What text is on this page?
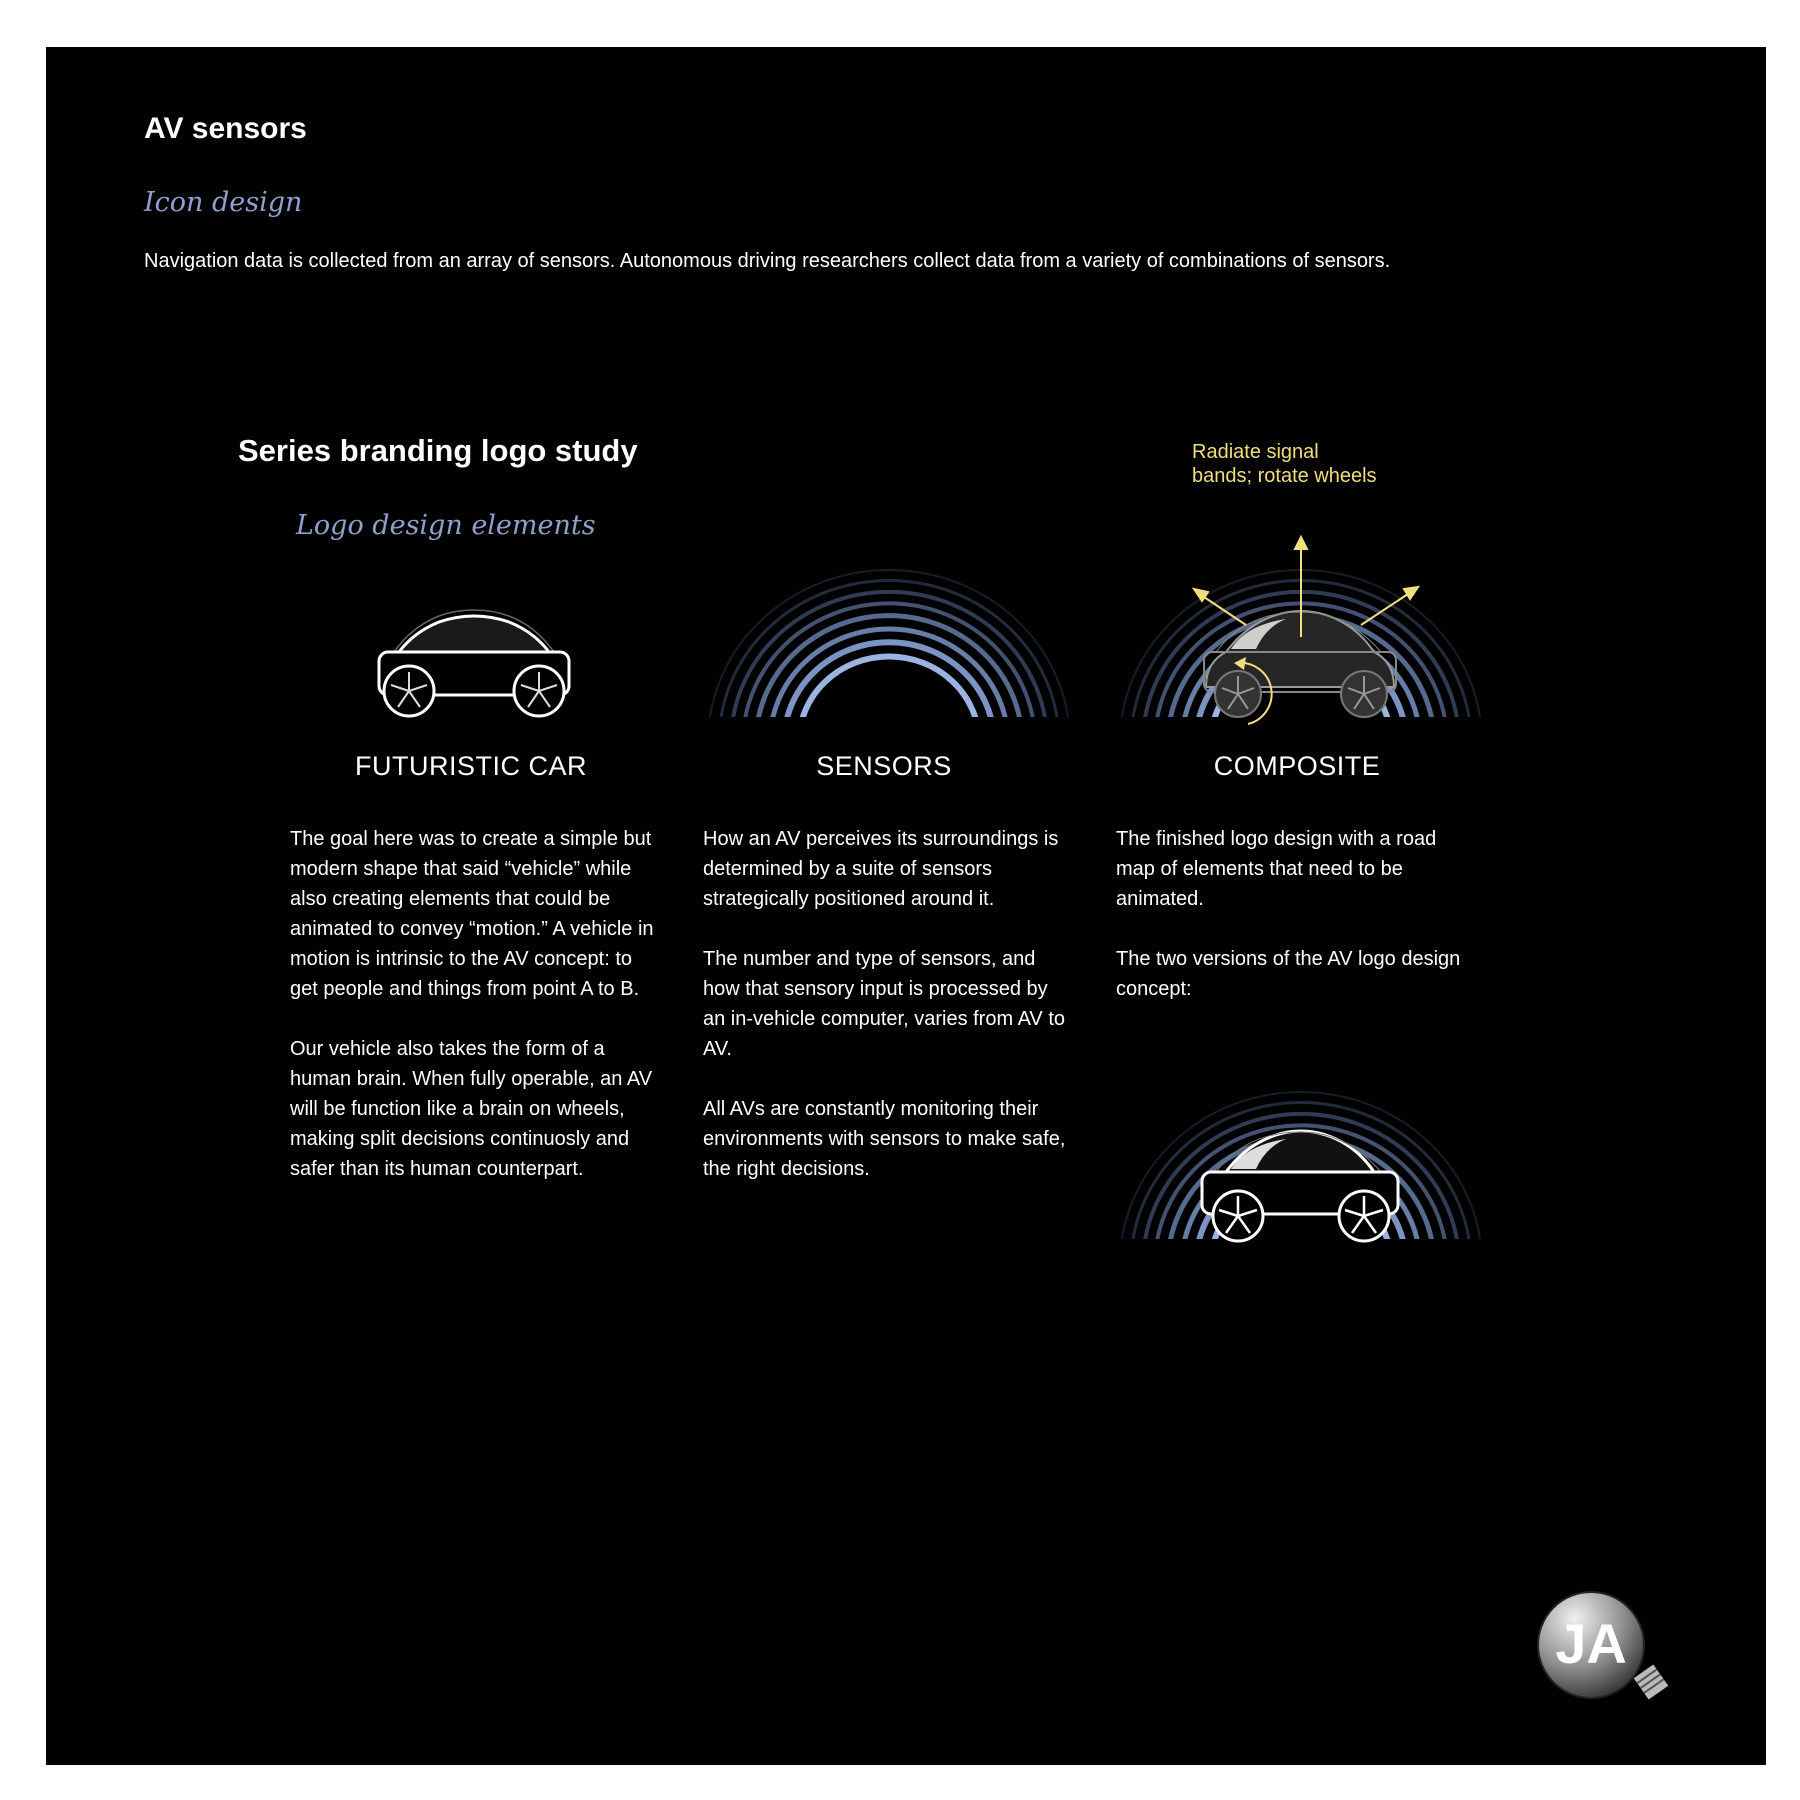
AV sensors
Icon design
Navigation data is collected from an array of sensors. Autonomous driving researchers collect data from a variety of combinations of sensors.
Series branding logo study
Logo design elements
Radiate signal
bands; rotate wheels
FUTURISTIC CAR	SENSORS	COMPOSITE

The goal here was to create a simple but modern shape that said “vehicle” while also creating elements that could be animated to convey “motion.” A vehicle in motion is intrinsic to the AV concept: to get people and things from point A to B.

Our vehicle also takes the form of a human brain. When fully operable, an AV will be function like a brain on wheels, making split decisions continuosly and safer than its human counterpart.

How an AV perceives its surroundings is determined by a suite of sensors strategically positioned around it.

The number and type of sensors, and how that sensory input is processed by an in-vehicle computer, varies from AV to AV.

All AVs are constantly monitoring their environments with sensors to make safe, the right decisions.

The finished logo design with a road map of elements that need to be animated.

The two versions of the AV logo design concept:

JA
